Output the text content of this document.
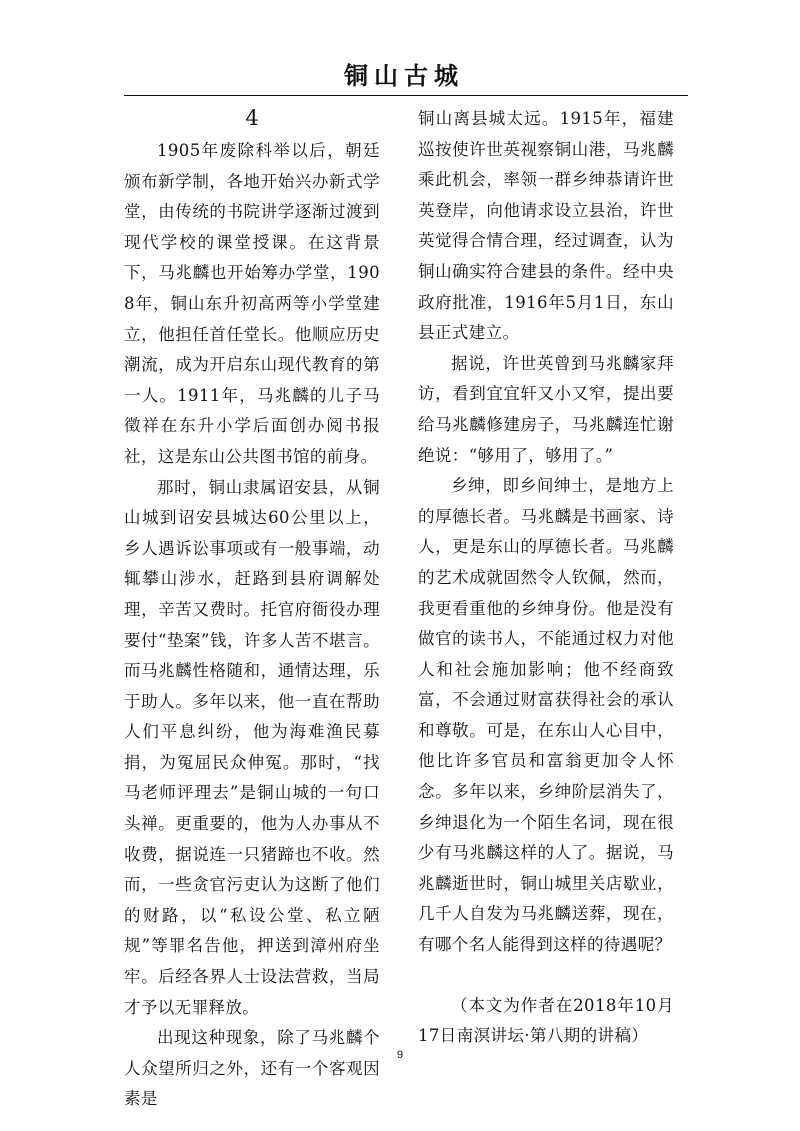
铜山古城
4

1905年废除科举以后，朝廷颁布新学制，各地开始兴办新式学堂，由传统的书院讲学逐渐过渡到现代学校的课堂授课。在这背景下，马兆麟也开始筹办学堂，1908年，铜山东升初高两等小学堂建立，他担任首任堂长。他顺应历史潮流，成为开启东山现代教育的第一人。1911年，马兆麟的儿子马徵祥在东升小学后面创办阅书报社，这是东山公共图书馆的前身。

那时，铜山隶属诏安县，从铜山城到诏安县城达60公里以上，乡人遇诉讼事项或有一般事端，动辄攀山涉水，赶路到县府调解处理，辛苦又费时。托官府衙役办理要付“垫案”钱，许多人苦不堪言。而马兆麟性格随和，通情达理，乐于助人。多年以来，他一直在帮助人们平息纠纷，他为海难渔民募捐，为冤屈民众伸冤。那时，“找马老师评理去”是铜山城的一句口头禅。更重要的，他为人办事从不收费，据说连一只猪蹄也不收。然而，一些贪官污吏认为这断了他们的财路，以“私设公堂、私立陋规”等罪名告他，押送到漳州府坐牢。后经各界人士设法营救，当局才予以无罪释放。

出现这种现象，除了马兆麟个人众望所归之外，还有一个客观因素是

铜山离县城太远。1915年，福建巡按使许世英视察铜山港，马兆麟乘此机会，率领一群乡绅恭请许世英登岸，向他请求设立县治，许世英觉得合情合理，经过调查，认为铜山确实符合建县的条件。经中央政府批准，1916年5月1日，东山县正式建立。

据说，许世英曾到马兆麟家拜访，看到宜宜轩又小又窄，提出要给马兆麟修建房子，马兆麟连忙谢绝说：“够用了，够用了。”

乡绅，即乡间绅士，是地方上的厚德长者。马兆麟是书画家、诗人，更是东山的厚德长者。马兆麟的艺术成就固然令人钦佩，然而，我更看重他的乡绅身份。他是没有做官的读书人，不能通过权力对他人和社会施加影响；他不经商致富，不会通过财富获得社会的承认和尊敬。可是，在东山人心目中，他比许多官员和富翁更加令人怀念。多年以来，乡绅阶层消失了，乡绅退化为一个陌生名词，现在很少有马兆麟这样的人了。据说，马兆麟逝世时，铜山城里关店歇业，几千人自发为马兆麟送葬，现在，有哪个名人能得到这样的待遇呢？

（本文为作者在2018年10月17日南溟讲坛·第八期的讲稿）

9
